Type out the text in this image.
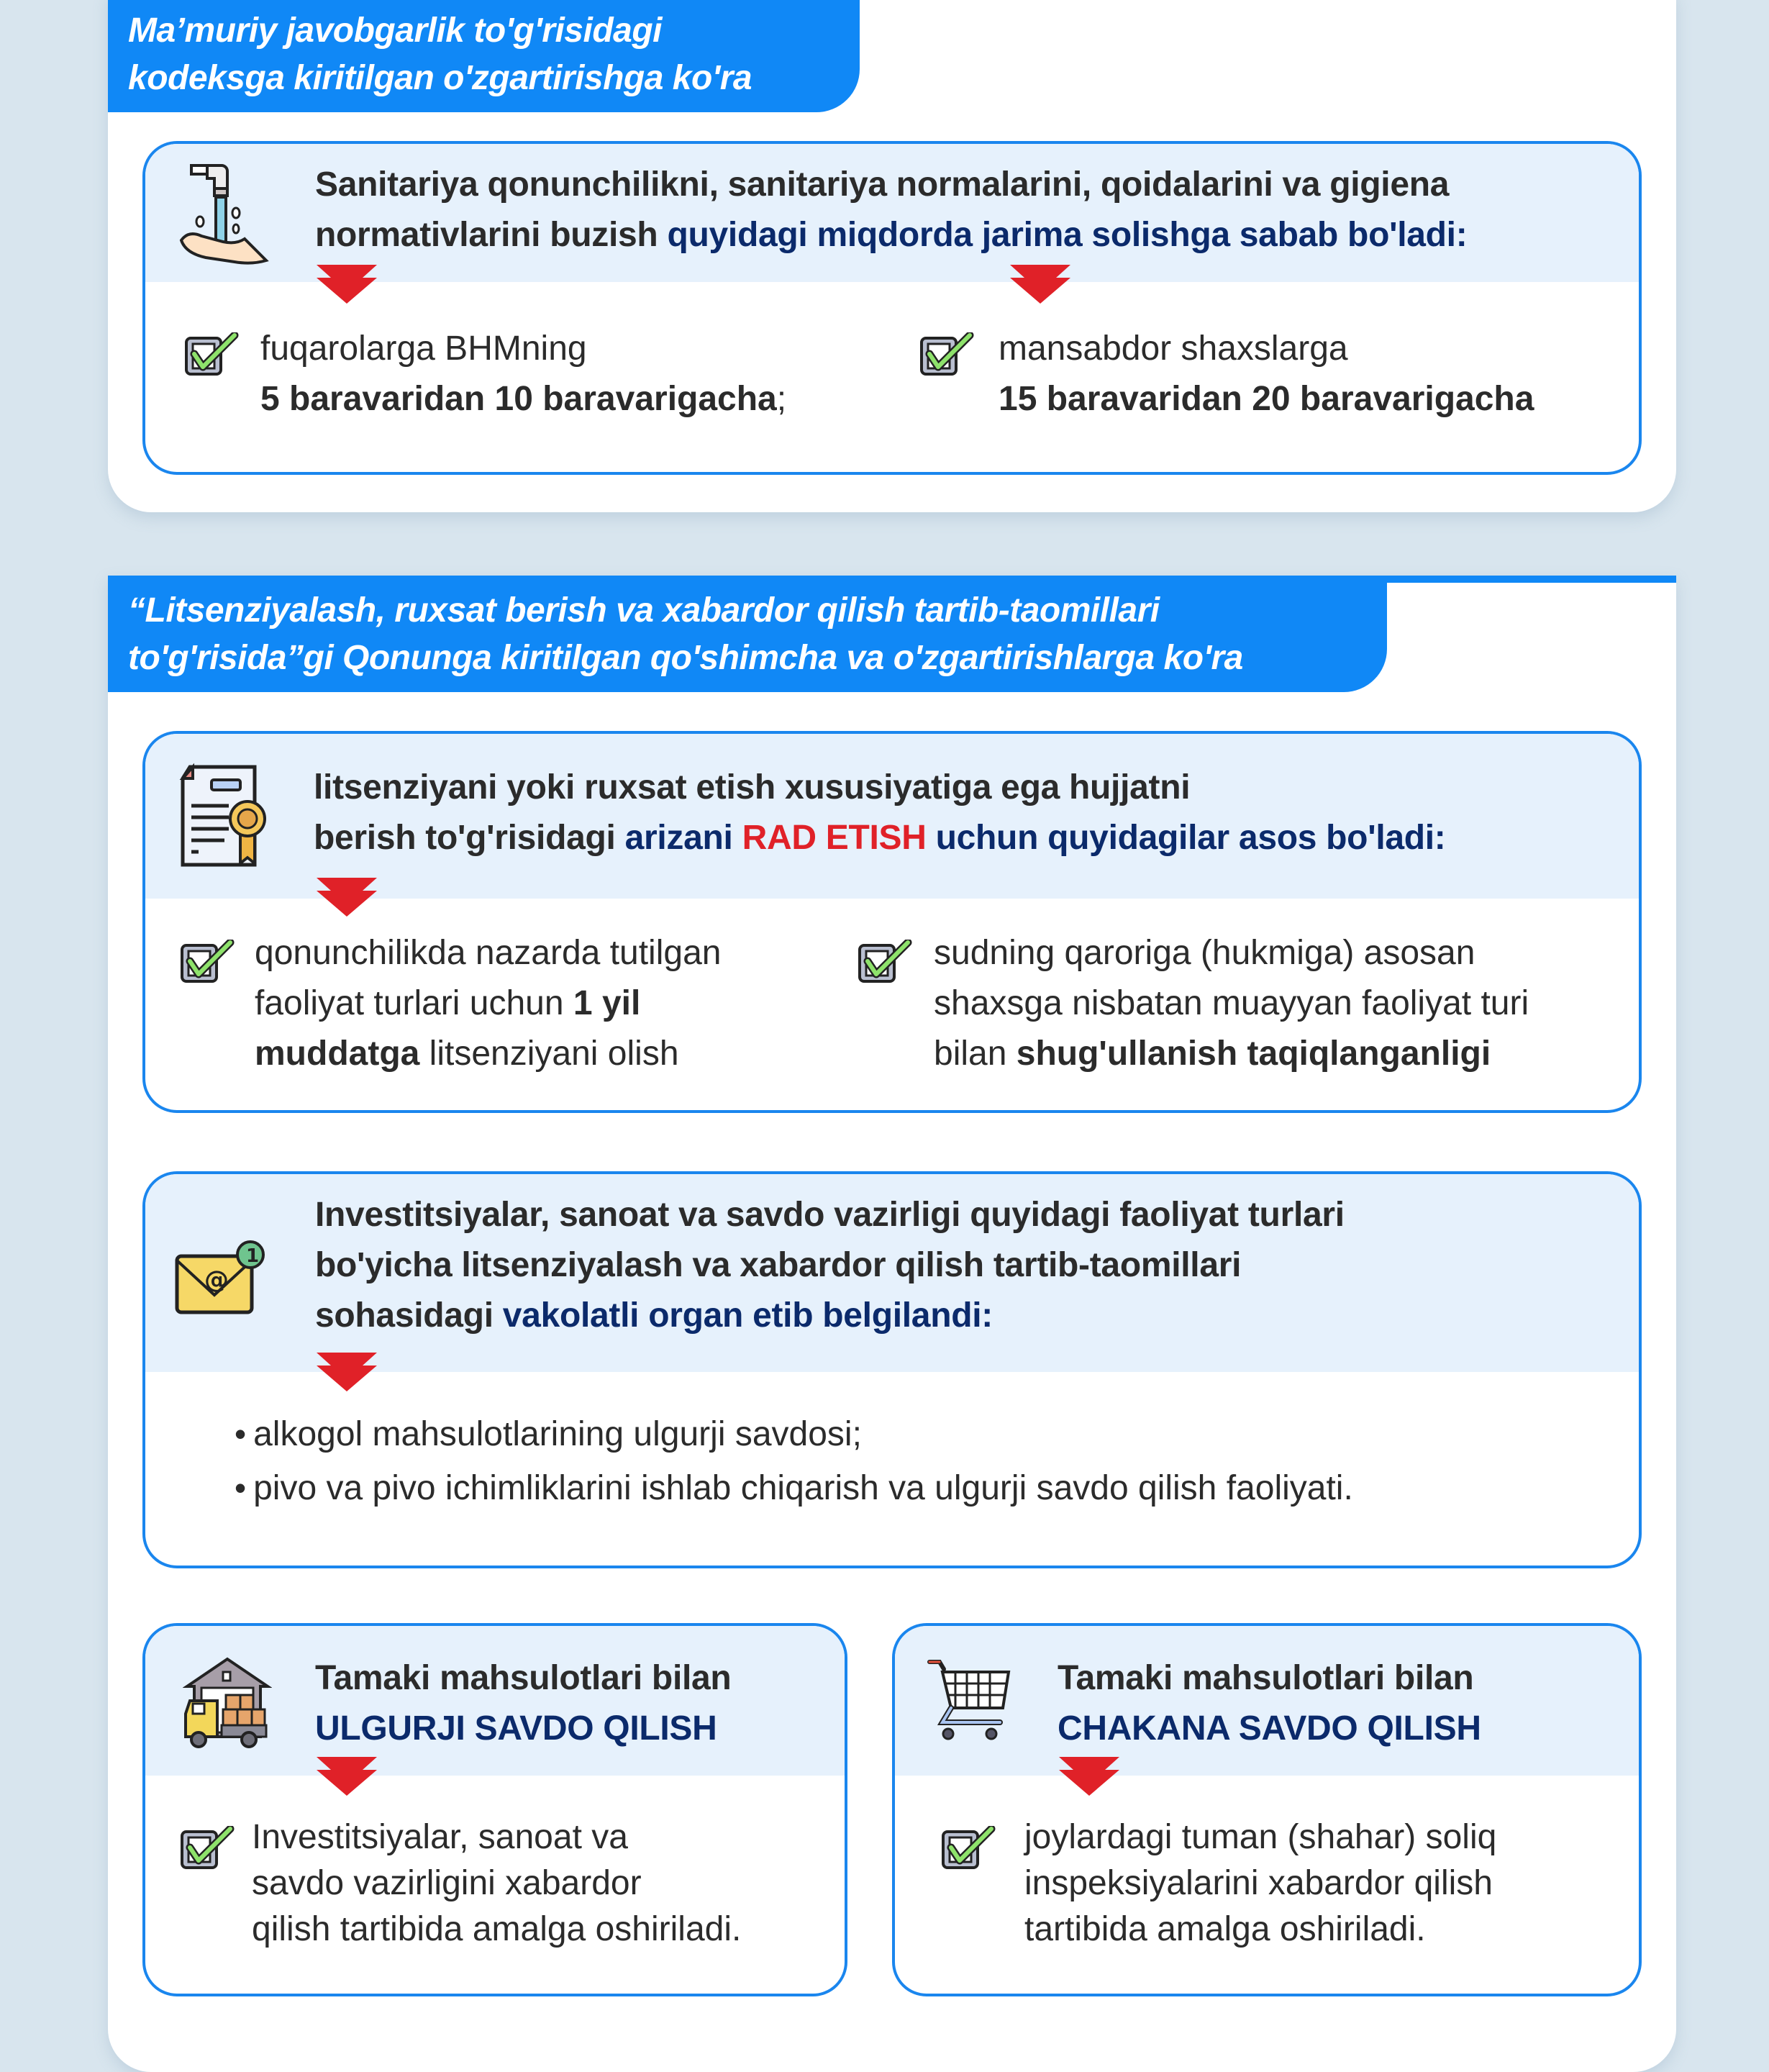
Ma’muriy javobgarlik to'g'risidagi
kodeksga kiritilgan o'zgartirishga ko'ra
Sanitariya qonunchilikni, sanitariya normalarini, qoidalarini va gigiena
normativlarini buzish quyidagi miqdorda jarima solishga sabab bo'ladi:
fuqarolarga BHMning
5 baravaridan 10 baravarigacha;
mansabdor shaxslarga
15 baravaridan 20 baravarigacha
“Litsenziyalash, ruxsat berish va xabardor qilish tartib-taomillari
to'g'risida”gi Qonunga kiritilgan qo'shimcha va o'zgartirishlarga ko'ra
litsenziyani yoki ruxsat etish xususiyatiga ega hujjatni
berish to'g'risidagi arizani RAD ETISH uchun quyidagilar asos bo'ladi:
qonunchilikda nazarda tutilgan
faoliyat turlari uchun 1 yil
muddatga litsenziyani olish
sudning qaroriga (hukmiga) asosan
shaxsga nisbatan muayyan faoliyat turi
bilan shug'ullanish taqiqlanganligi
@
1
Investitsiyalar, sanoat va savdo vazirligi quyidagi faoliyat turlari
bo'yicha litsenziyalash va xabardor qilish tartib-taomillari
sohasidagi vakolatli organ etib belgilandi:
• alkogol mahsulotlarining ulgurji savdosi;
• pivo va pivo ichimliklarini ishlab chiqarish va ulgurji savdo qilish faoliyati.
Tamaki mahsulotlari bilan
ULGURJI SAVDO QILISH
Investitsiyalar, sanoat va
savdo vazirligini xabardor
qilish tartibida amalga oshiriladi.
Tamaki mahsulotlari bilan
CHAKANA SAVDO QILISH
joylardagi tuman (shahar) soliq
inspeksiyalarini xabardor qilish
tartibida amalga oshiriladi.
